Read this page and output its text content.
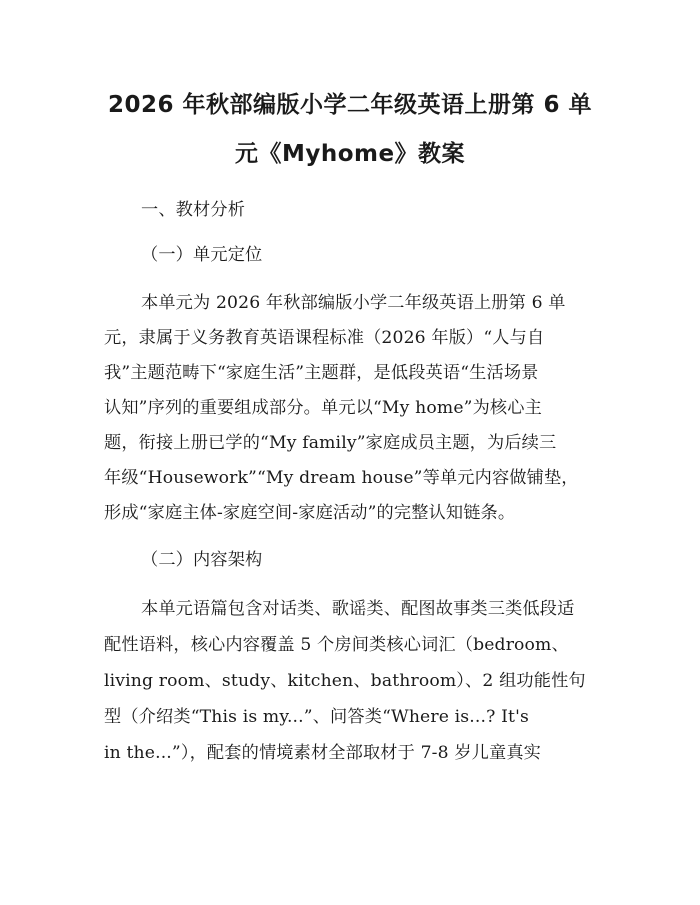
2026 年秋部编版小学二年级英语上册第 6 单
元《Myhome》教案
一、教材分析
（一）单元定位
本单元为 2026 年秋部编版小学二年级英语上册第 6 单
元，隶属于义务教育英语课程标准（2026 年版）“人与自
我”主题范畴下“家庭生活”主题群，是低段英语“生活场景
认知”序列的重要组成部分。单元以“My home”为核心主
题，衔接上册已学的“My family”家庭成员主题，为后续三
年级“Housework”“My dream house”等单元内容做铺垫，
形成“家庭主体-家庭空间-家庭活动”的完整认知链条。
（二）内容架构
本单元语篇包含对话类、歌谣类、配图故事类三类低段适
配性语料，核心内容覆盖 5 个房间类核心词汇（bedroom、
living room、study、kitchen、bathroom）、2 组功能性句
型（介绍类“This is my...”、问答类“Where is...? It's
in the...”），配套的情境素材全部取材于 7-8 岁儿童真实
